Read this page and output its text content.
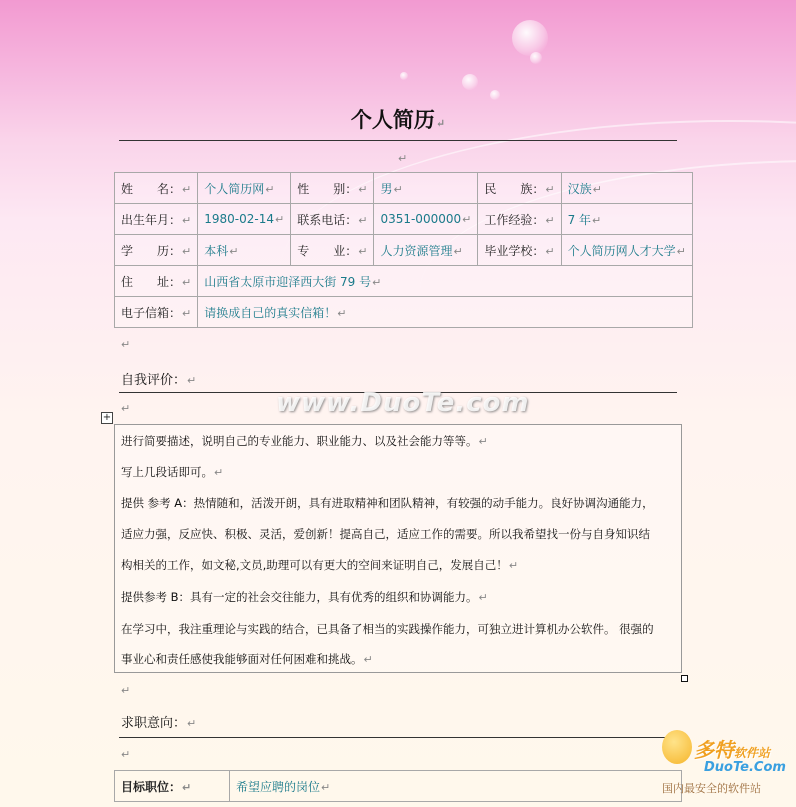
个人简历↵
↵
姓　　名：↵	个人简历网↵	性　　别：↵	男↵	民　　族：↵	汉族↵
出生年月：↵	1980-02-14↵	联系电话：↵	0351-000000↵	工作经验：↵	7 年↵
学　　历：↵	本科↵	专　　业：↵	人力资源管理↵	毕业学校：↵	个人简历网人才大学↵
住　　址：↵	山西省太原市迎泽西大街 79 号↵				
电子信箱：↵	请换成自己的真实信箱！↵				
↵
自我评价：↵
↵	www.DuoTe.com
+

进行简要描述，说明自己的专业能力、职业能力、以及社会能力等等。↵

写上几段话即可。↵

提供 参考 A：热情随和，活泼开朗，具有进取精神和团队精神，有较强的动手能力。良好协调沟通能力，

适应力强，反应快、积极、灵活，爱创新！提高自己，适应工作的需要。所以我希望找一份与自身知识结

构相关的工作，如文秘,文员,助理可以有更大的空间来证明自己，发展自己！↵

提供参考 B：具有一定的社会交往能力，具有优秀的组织和协调能力。↵

在学习中，我注重理论与实践的结合，已具备了相当的实践操作能力，可独立进计算机办公软件。 很强的

事业心和责任感使我能够面对任何困难和挑战。↵

↵
求职意向：↵
↵
目标职位：↵	希望应聘的岗位↵
多特软件站
DuoTe.Com
国内最安全的软件站
